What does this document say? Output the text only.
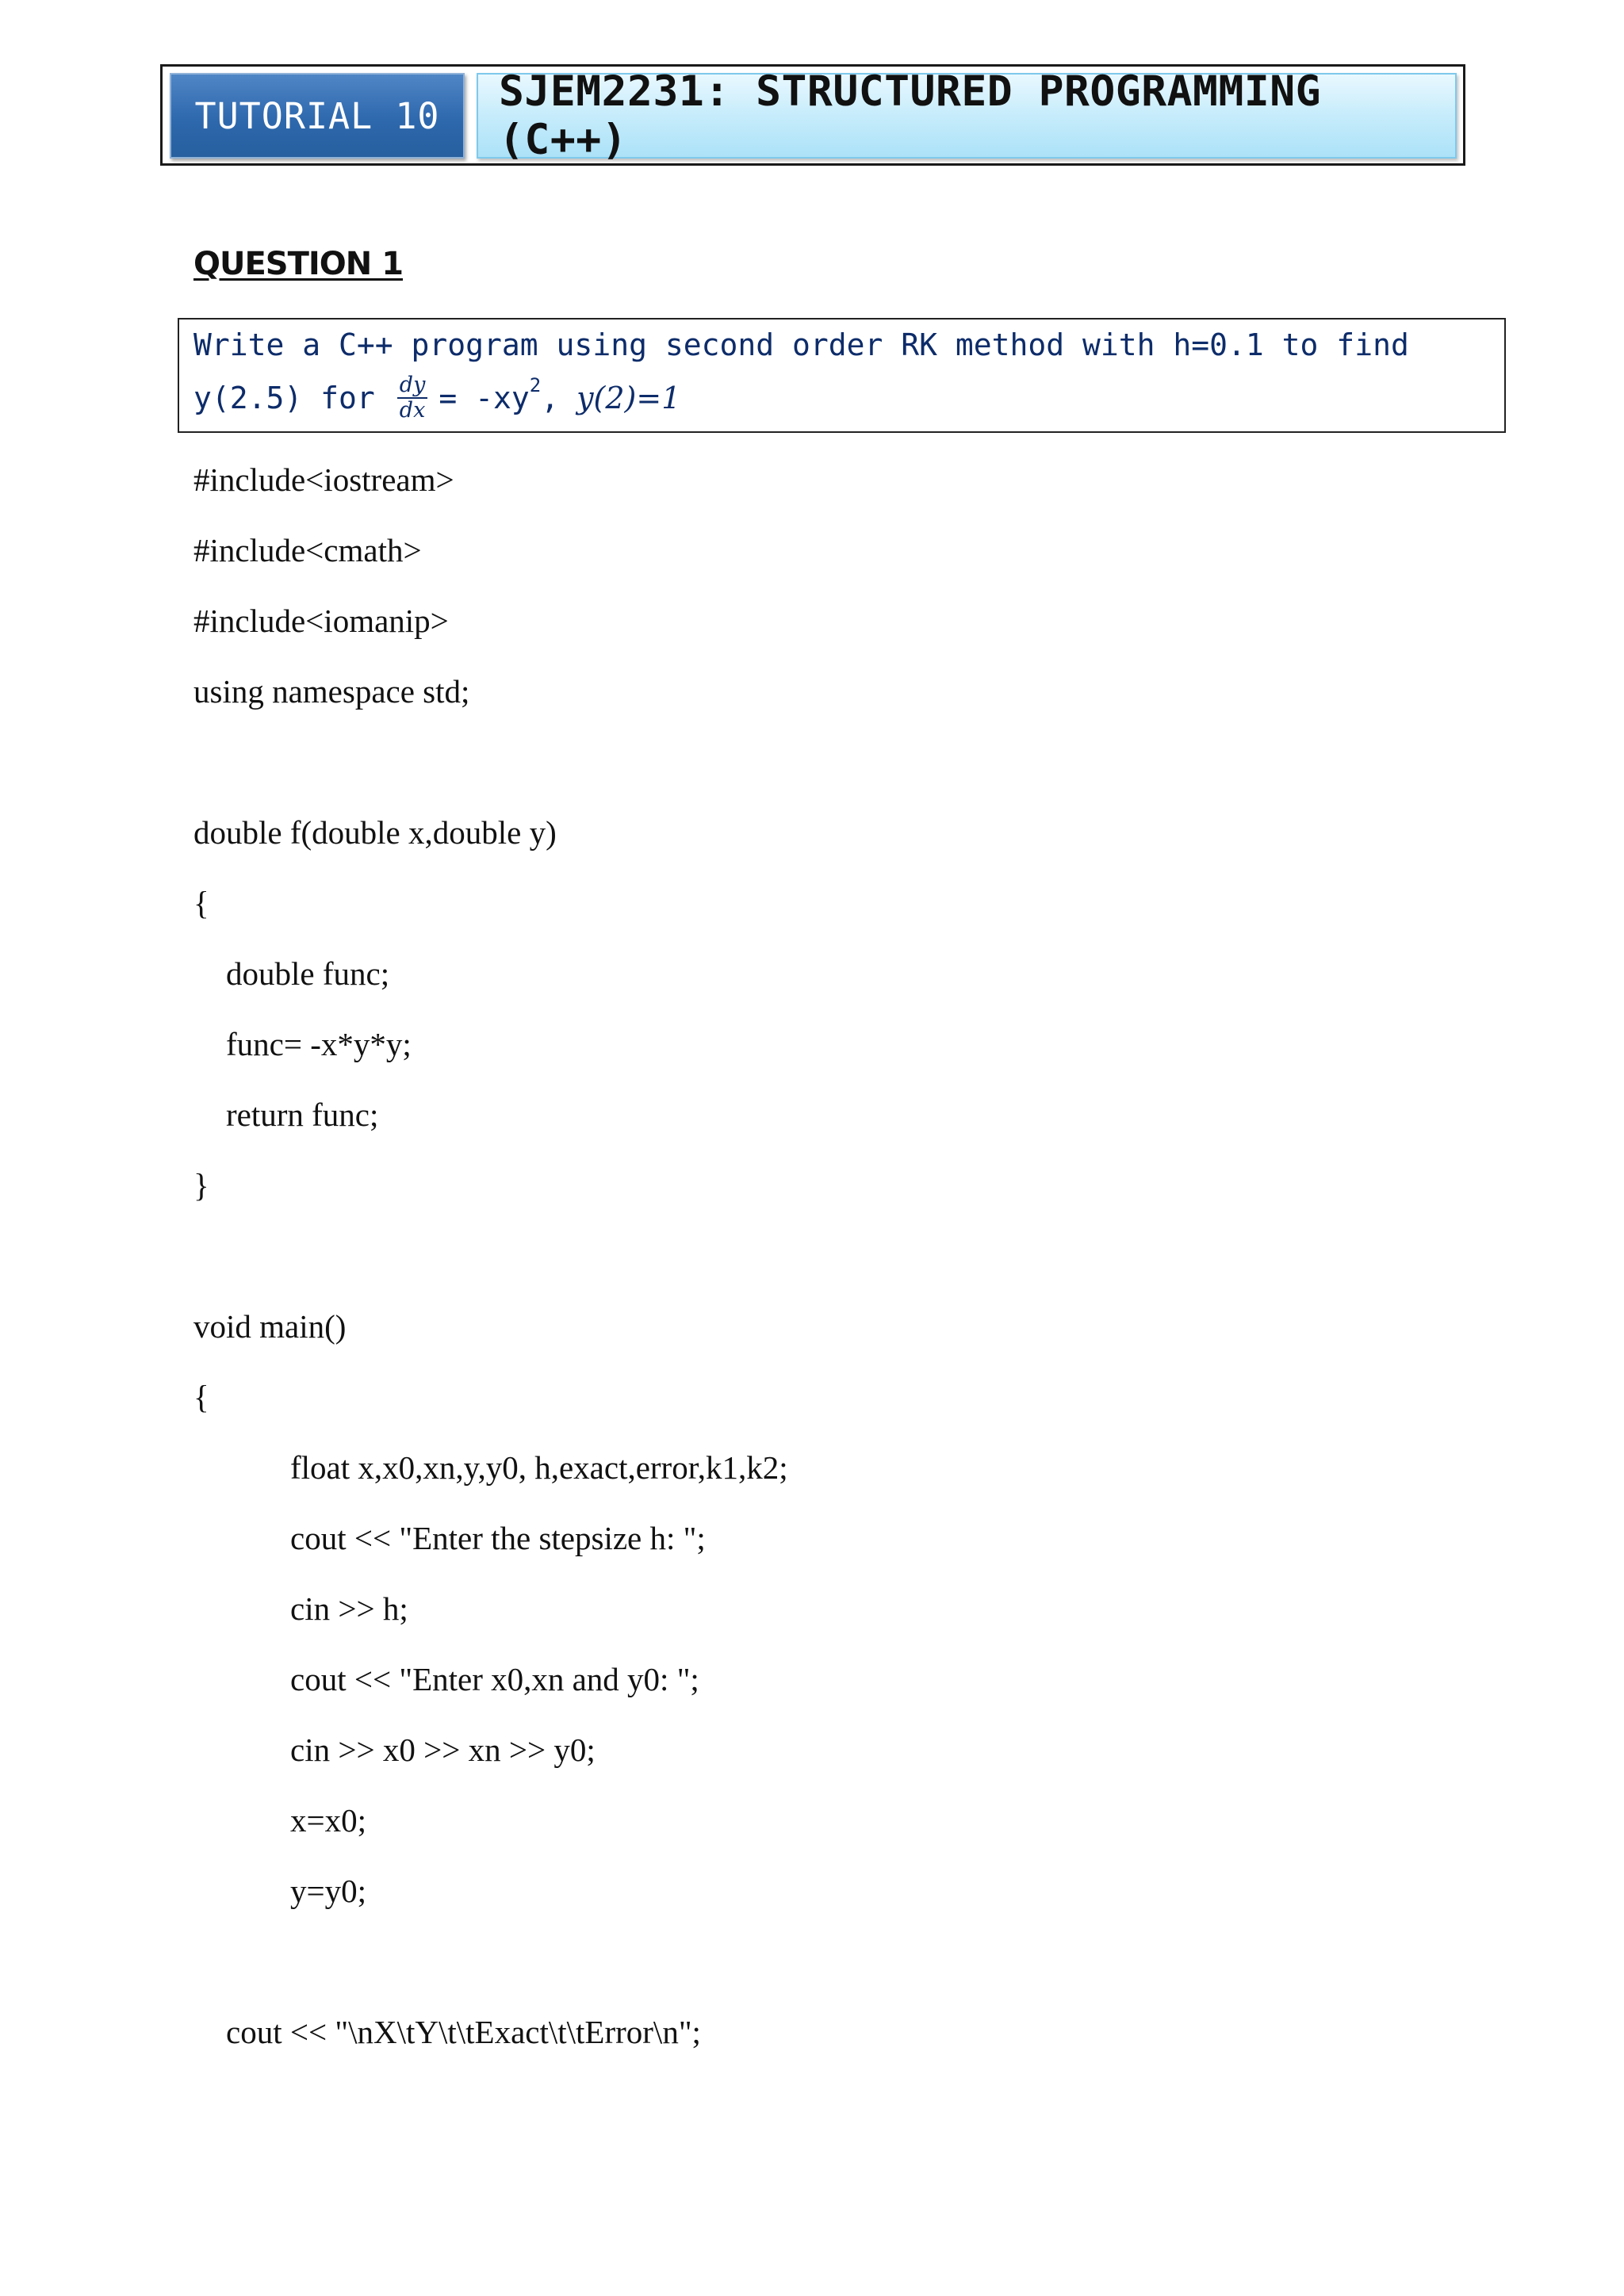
TUTORIAL 10 SJEM2231: STRUCTURED PROGRAMMING (C++)
QUESTION 1
Write a C++ program using second order RK method with h=0.1 to find
y(2.5) for $\frac{dy}{dx} = -xy$ 2 , y(2)=1
#include<iostream>
#include<cmath>
#include<iomanip>
using namespace std;
double f(double x,double y)
{
double func;
func= -x*y*y;
return func;
}
void main()
{
float x,x0,xn,y,y0, h,exact,error,k1,k2;
cout << "Enter the stepsize h: ";
cin >> h;
cout << "Enter x0,xn and y0: ";
cin >> x0 >> xn >> y0;
x=x0;
y=y0;
cout << "\nX\tY\t\tExact\t\tError\n";
